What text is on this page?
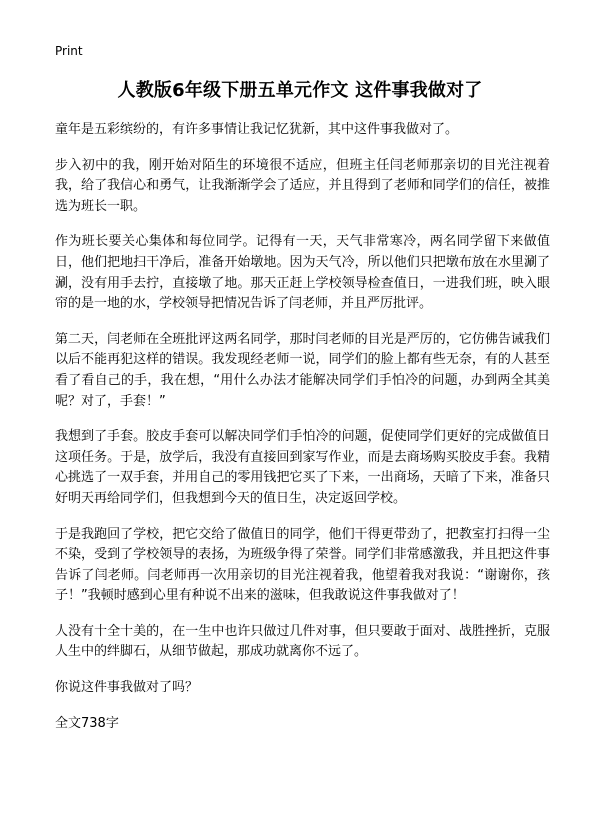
Print
人教版6年级下册五单元作文 这件事我做对了

童年是五彩缤纷的，有许多事情让我记忆犹新，其中这件事我做对了。

步入初中的我，刚开始对陌生的环境很不适应，但班主任闫老师那亲切的目光注视着我，给了我信心和勇气，让我渐渐学会了适应，并且得到了老师和同学们的信任，被推选为班长一职。

作为班长要关心集体和每位同学。记得有一天，天气非常寒冷，两名同学留下来做值日，他们把地扫干净后，准备开始墩地。因为天气冷，所以他们只把墩布放在水里涮了涮，没有用手去拧，直接墩了地。那天正赶上学校领导检查值日，一进我们班，映入眼帘的是一地的水，学校领导把情况告诉了闫老师，并且严厉批评。

第二天，闫老师在全班批评这两名同学，那时闫老师的目光是严厉的，它仿佛告诫我们以后不能再犯这样的错误。我发现经老师一说，同学们的脸上都有些无奈，有的人甚至看了看自己的手，我在想，“用什么办法才能解决同学们手怕冷的问题，办到两全其美呢？对了，手套！”

我想到了手套。胶皮手套可以解决同学们手怕冷的问题，促使同学们更好的完成做值日这项任务。于是，放学后，我没有直接回到家写作业，而是去商场购买胶皮手套。我精心挑选了一双手套，并用自己的零用钱把它买了下来，一出商场，天暗了下来，准备只好明天再给同学们，但我想到今天的值日生，决定返回学校。

于是我跑回了学校，把它交给了做值日的同学，他们干得更带劲了，把教室打扫得一尘不染，受到了学校领导的表扬，为班级争得了荣誉。同学们非常感激我，并且把这件事告诉了闫老师。闫老师再一次用亲切的目光注视着我，他望着我对我说：“谢谢你，孩子！”我顿时感到心里有种说不出来的滋味，但我敢说这件事我做对了！

人没有十全十美的，在一生中也许只做过几件对事，但只要敢于面对、战胜挫折，克服人生中的绊脚石，从细节做起，那成功就离你不远了。

你说这件事我做对了吗？

全文738字
